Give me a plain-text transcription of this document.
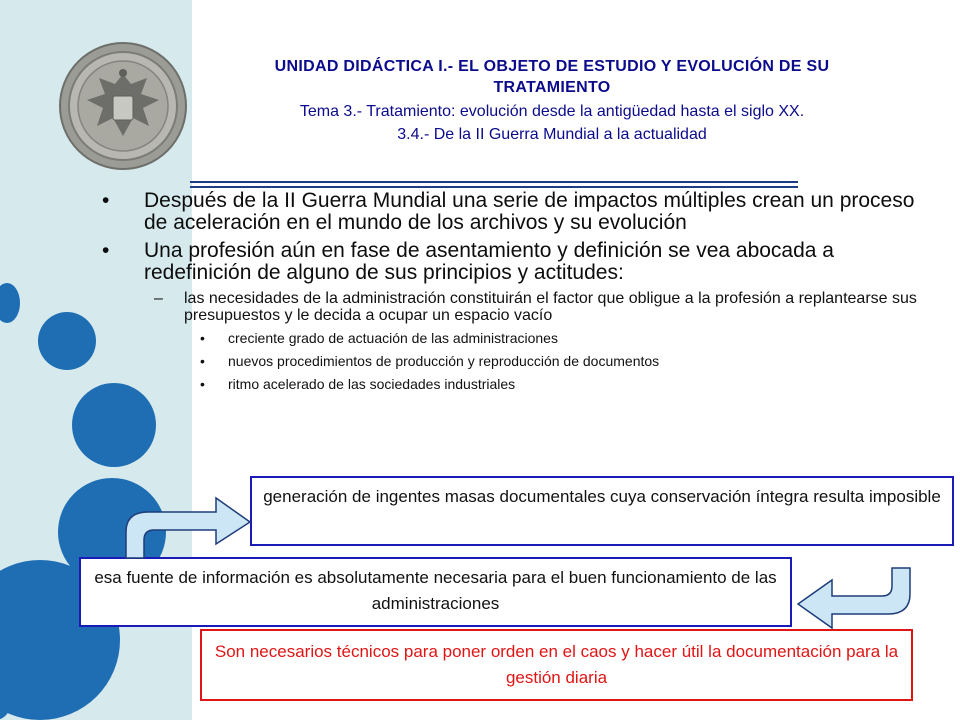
UNIDAD DIDÁCTICA I.- EL OBJETO DE ESTUDIO Y EVOLUCIÓN DE SU
TRATAMIENTO
Tema 3.- Tratamiento: evolución desde la antigüedad hasta el siglo XX.
3.4.- De la II Guerra Mundial a la actualidad
• Después de la II Guerra Mundial una serie de impactos múltiples crean un proceso de aceleración en el mundo de los archivos y su evolución
• Una profesión aún en fase de asentamiento y definición se vea abocada a redefinición de alguno de sus principios y actitudes:
– las necesidades de la administración constituirán el factor que obligue a la profesión a replantearse sus presupuestos y le decida a ocupar un espacio vacío
• creciente grado de actuación de las administraciones
• nuevos procedimientos de producción y reproducción de documentos
• ritmo acelerado de las sociedades industriales
generación de ingentes masas documentales cuya conservación íntegra resulta imposible
esa fuente de información es absolutamente necesaria para el buen funcionamiento de las administraciones
Son necesarios técnicos para poner orden en el caos y hacer útil la documentación para la gestión diaria
